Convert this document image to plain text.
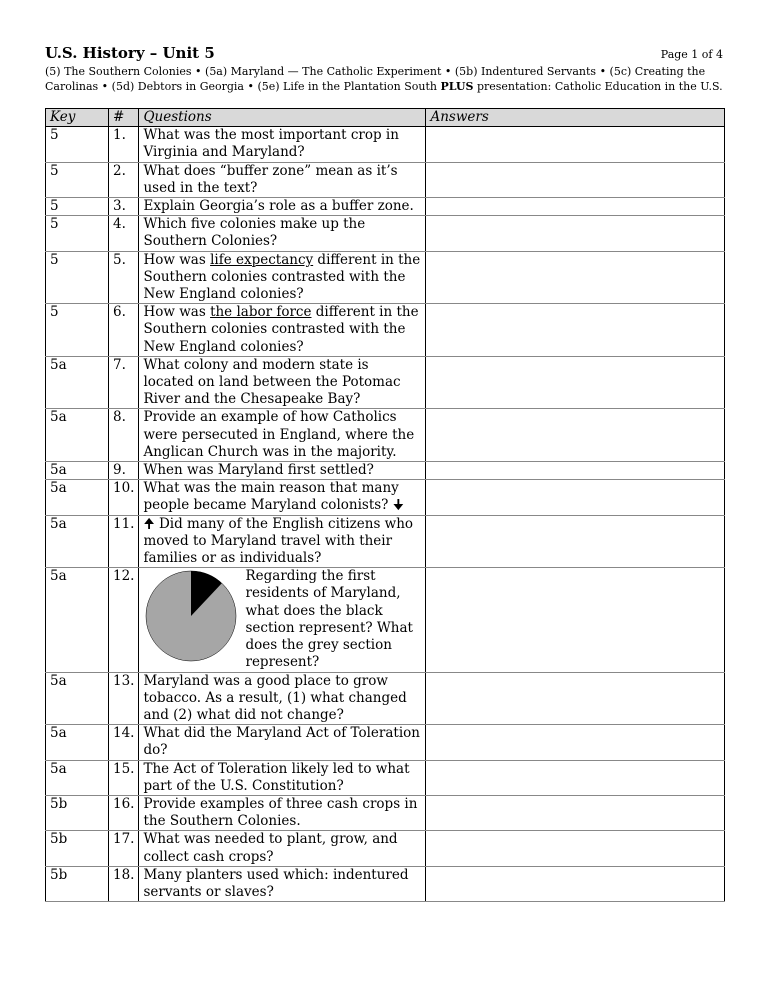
U.S. History – Unit 5	Page 1 of 4
(5) The Southern Colonies • (5a) Maryland — The Catholic Experiment • (5b) Indentured Servants • (5c) Creating the Carolinas • (5d) Debtors in Georgia • (5e) Life in the Plantation South PLUS presentation: Catholic Education in the U.S.
Key	#	Questions	Answers
5	1.	What was the most important crop in Virginia and Maryland?	
5	2.	What does “buffer zone” mean as it’s used in the text?	
5	3.	Explain Georgia’s role as a buffer zone.	
5	4.	Which five colonies make up the Southern Colonies?	
5	5.	How was life expectancy different in the Southern colonies contrasted with the New England colonies?	
5	6.	How was the labor force different in the Southern colonies contrasted with the New England colonies?	
5a	7.	What colony and modern state is located on land between the Potomac River and the Chesapeake Bay?	
5a	8.	Provide an example of how Catholics were persecuted in England, where the Anglican Church was in the majority.	
5a	9.	When was Maryland first settled?	
5a	10.	What was the main reason that many people became Maryland colonists? 🠋	
5a	11.	🠉 Did many of the English citizens who moved to Maryland travel with their families or as individuals?	
5a	12.	Regarding the first residents of Maryland, what does the black section represent? What does the grey section represent?	

5a	13.	Maryland was a good place to grow tobacco. As a result, (1) what changed and (2) what did not change?	
5a	14.	What did the Maryland Act of Toleration do?	
5a	15.	The Act of Toleration likely led to what part of the U.S. Constitution?	
5b	16.	Provide examples of three cash crops in the Southern Colonies.	
5b	17.	What was needed to plant, grow, and collect cash crops?	
5b	18.	Many planters used which: indentured servants or slaves?	
